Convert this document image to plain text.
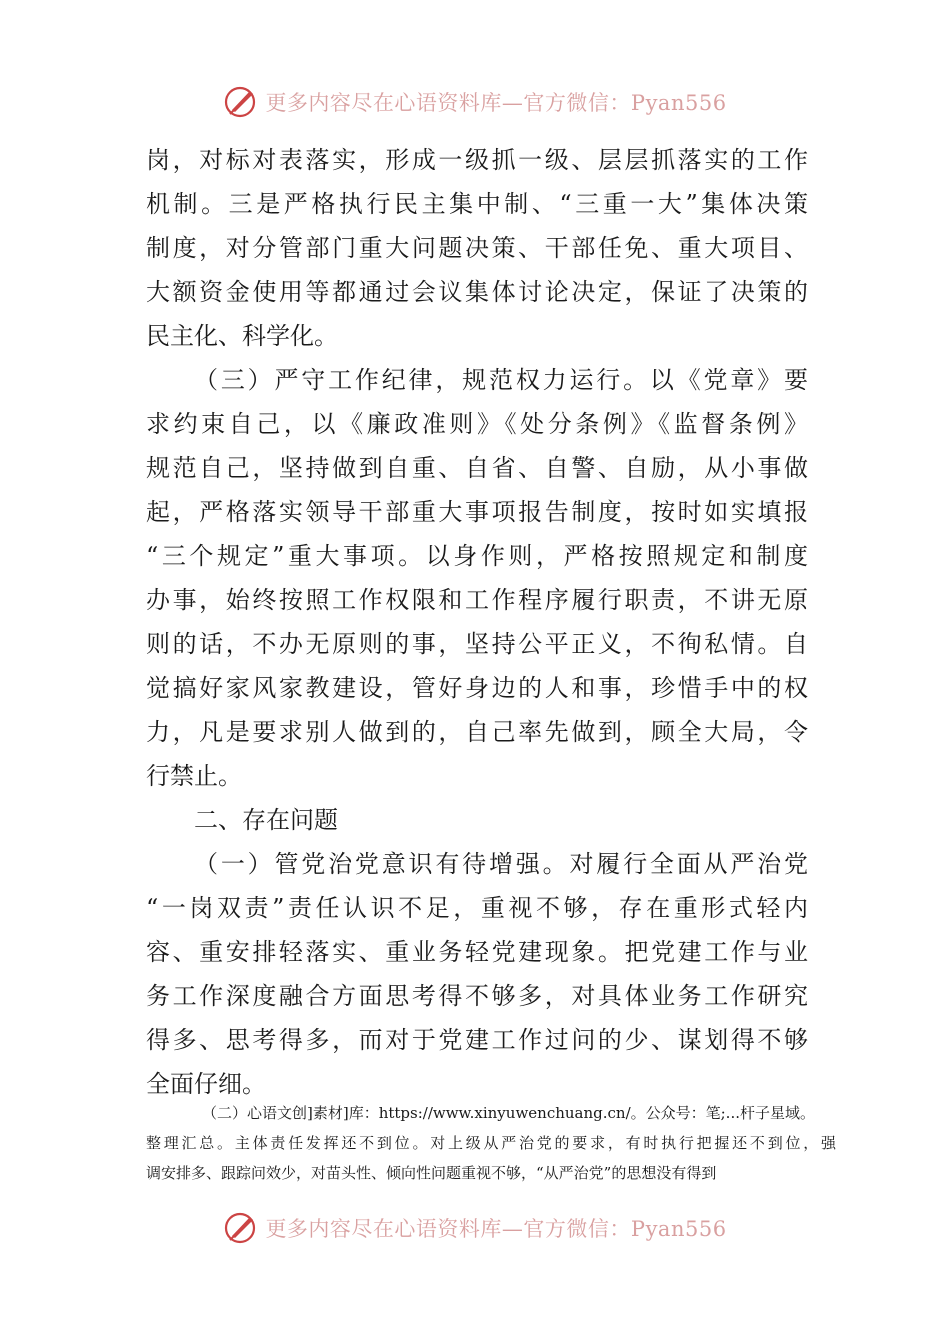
更多内容尽在心语资料库—官方微信：Pyan556
岗，对标对表落实，形成一级抓一级、层层抓落实的工作
机制。三是严格执行民主集中制、“三重一大”集体决策
制度，对分管部门重大问题决策、干部任免、重大项目、
大额资金使用等都通过会议集体讨论决定，保证了决策的
民主化、科学化。
（三）严守工作纪律，规范权力运行。以《党章》要
求约束自己，以《廉政准则》《处分条例》《监督条例》
规范自己，坚持做到自重、自省、自警、自励，从小事做
起，严格落实领导干部重大事项报告制度，按时如实填报
“三个规定”重大事项。以身作则，严格按照规定和制度
办事，始终按照工作权限和工作程序履行职责，不讲无原
则的话，不办无原则的事，坚持公平正义，不徇私情。自
觉搞好家风家教建设，管好身边的人和事，珍惜手中的权
力，凡是要求别人做到的，自己率先做到，顾全大局，令
行禁止。
二、存在问题
（一）管党治党意识有待增强。对履行全面从严治党
“一岗双责”责任认识不足，重视不够，存在重形式轻内
容、重安排轻落实、重业务轻党建现象。把党建工作与业
务工作深度融合方面思考得不够多，对具体业务工作研究
得多、思考得多，而对于党建工作过问的少、谋划得不够
全面仔细。
（二）心语文创]素材]库：https://www.xinyuwenchuang.cn/。公众号：笔;...杆子星域。
整理汇总。主体责任发挥还不到位。对上级从严治党的要求，有时执行把握还不到位，强
调安排多、跟踪问效少，对苗头性、倾向性问题重视不够，“从严治党”的思想没有得到
更多内容尽在心语资料库—官方微信：Pyan556
